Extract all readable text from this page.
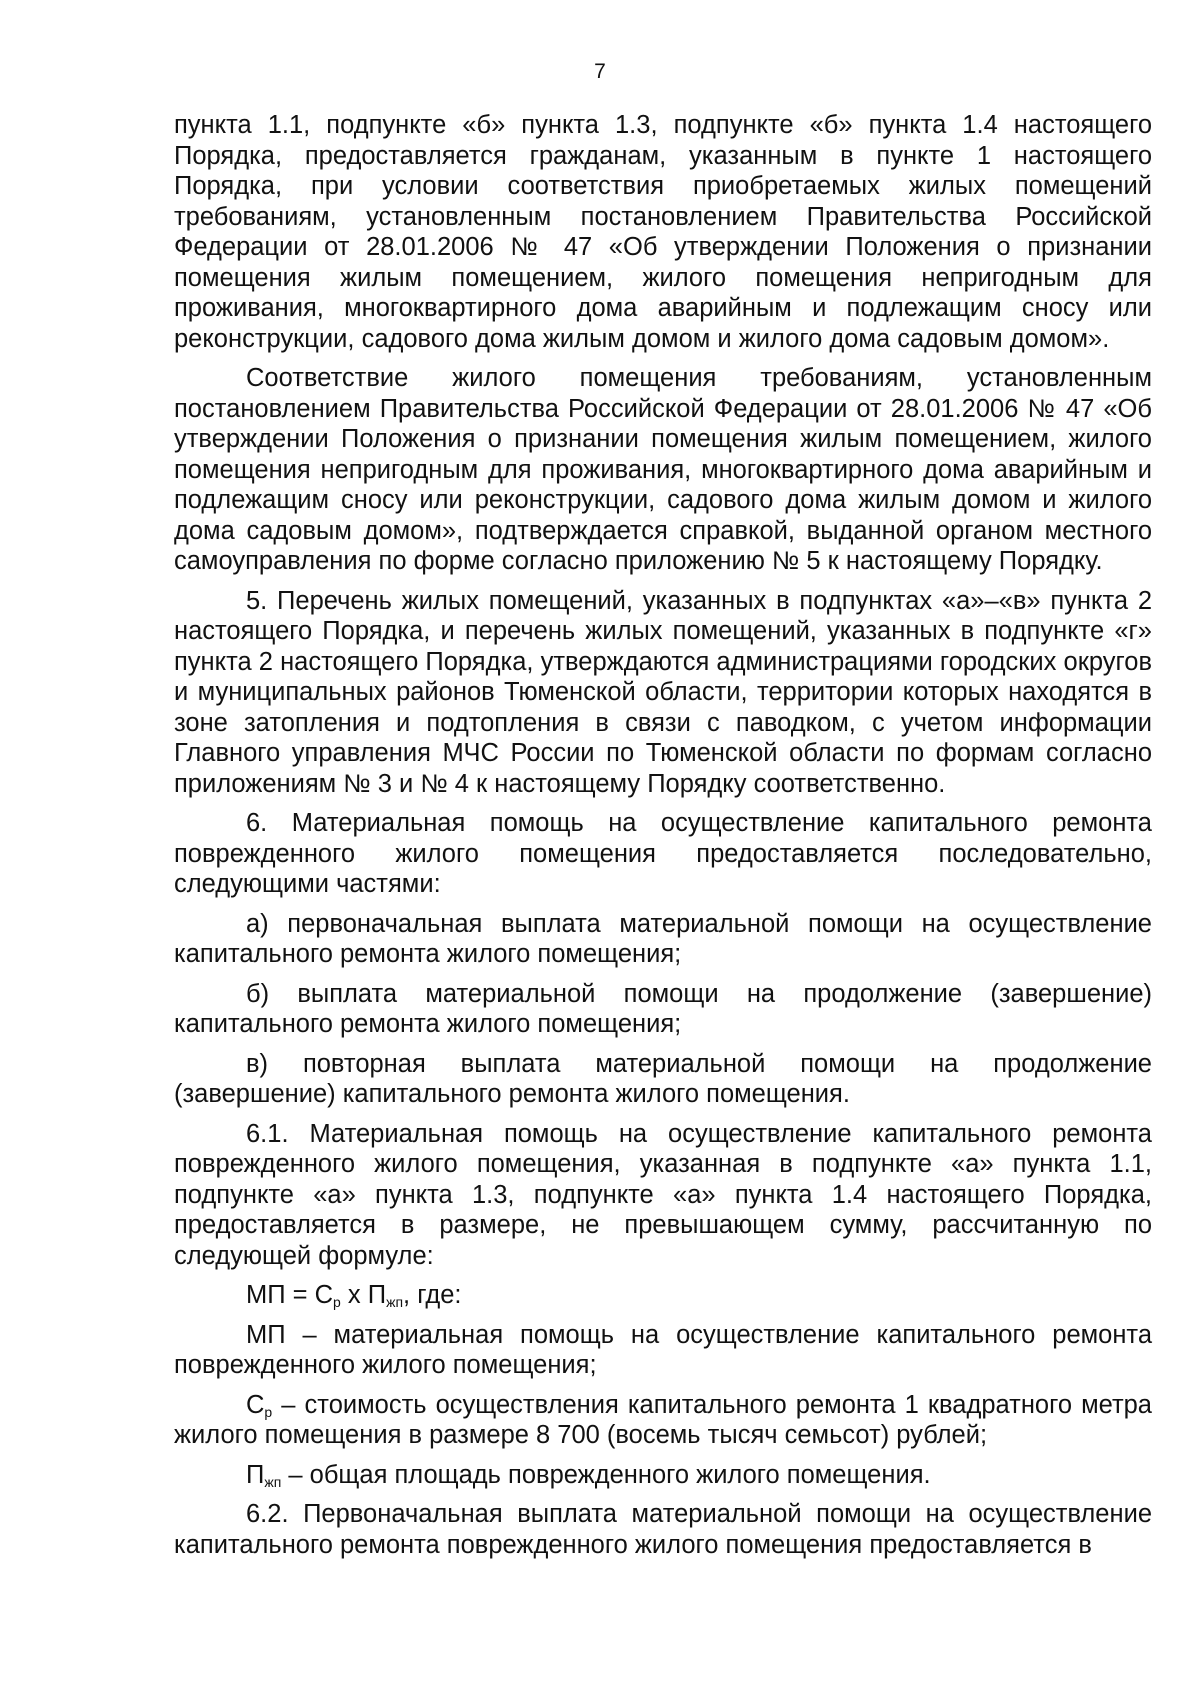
7

пункта 1.1, подпункте «б» пункта 1.3, подпункте «б» пункта 1.4 настоящего Порядка, предоставляется гражданам, указанным в пункте 1 настоящего Порядка, при условии соответствия приобретаемых жилых помещений требованиям, установленным постановлением Правительства Российской Федерации от 28.01.2006 № 47 «Об утверждении Положения о признании помещения жилым помещением, жилого помещения непригодным для проживания, многоквартирного дома аварийным и подлежащим сносу или реконструкции, садового дома жилым домом и жилого дома садовым домом».

Соответствие жилого помещения требованиям, установленным постановлением Правительства Российской Федерации от 28.01.2006 № 47 «Об утверждении Положения о признании помещения жилым помещением, жилого помещения непригодным для проживания, многоквартирного дома аварийным и подлежащим сносу или реконструкции, садового дома жилым домом и жилого дома садовым домом», подтверждается справкой, выданной органом местного самоуправления по форме согласно приложению № 5 к настоящему Порядку.

5. Перечень жилых помещений, указанных в подпунктах «а»–«в» пункта 2 настоящего Порядка, и перечень жилых помещений, указанных в подпункте «г» пункта 2 настоящего Порядка, утверждаются администрациями городских округов и муниципальных районов Тюменской области, территории которых находятся в зоне затопления и подтопления в связи с паводком, с учетом информации Главного управления МЧС России по Тюменской области по формам согласно приложениям № 3 и № 4 к настоящему Порядку соответственно.

6. Материальная помощь на осуществление капитального ремонта поврежденного жилого помещения предоставляется последовательно, следующими частями:

а) первоначальная выплата материальной помощи на осуществление капитального ремонта жилого помещения;

б) выплата материальной помощи на продолжение (завершение) капитального ремонта жилого помещения;

в) повторная выплата материальной помощи на продолжение (завершение) капитального ремонта жилого помещения.

6.1. Материальная помощь на осуществление капитального ремонта поврежденного жилого помещения, указанная в подпункте «а» пункта 1.1, подпункте «а» пункта 1.3, подпункте «а» пункта 1.4 настоящего Порядка, предоставляется в размере, не превышающем сумму, рассчитанную по следующей формуле:

МП = $С_р$ х $П_{жп}$, где:

МП – материальная помощь на осуществление капитального ремонта поврежденного жилого помещения;

$С_р$ – стоимость осуществления капитального ремонта 1 квадратного метра жилого помещения в размере 8 700 (восемь тысяч семьсот) рублей;

$П_{жп}$ – общая площадь поврежденного жилого помещения.

6.2. Первоначальная выплата материальной помощи на осуществление капитального ремонта поврежденного жилого помещения предоставляется в
